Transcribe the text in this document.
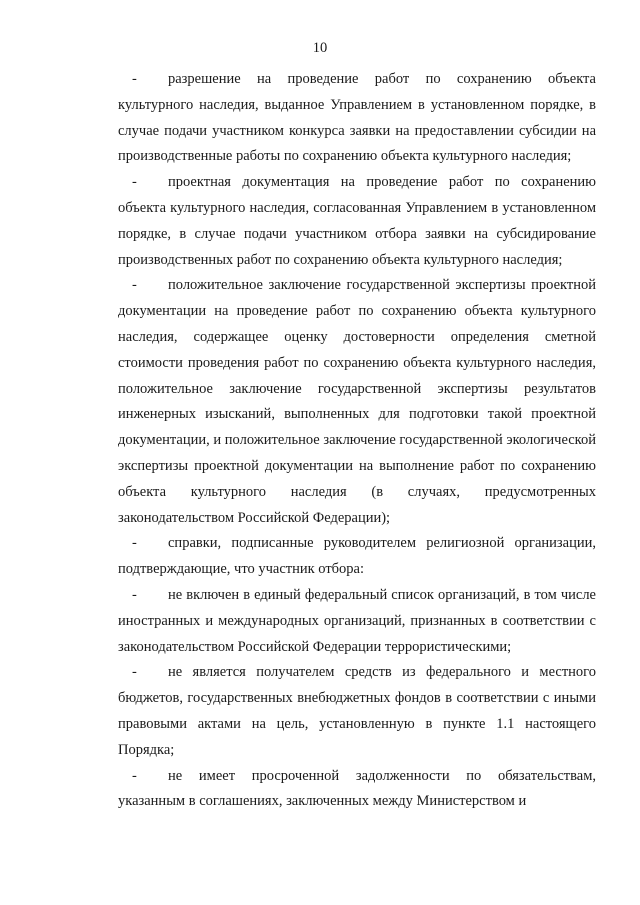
10
-	разрешение на проведение работ по сохранению объекта культурного наследия, выданное Управлением в установленном порядке, в случае подачи участником конкурса заявки на предоставлении субсидии на производственные работы по сохранению объекта культурного наследия;
-	проектная документация на проведение работ по сохранению объекта культурного наследия, согласованная Управлением в установленном порядке, в случае подачи участником отбора заявки на субсидирование производственных работ по сохранению объекта культурного наследия;
-	положительное заключение государственной экспертизы проектной документации на проведение работ по сохранению объекта культурного наследия, содержащее оценку достоверности определения сметной стоимости проведения работ по сохранению объекта культурного наследия, положительное заключение государственной экспертизы результатов инженерных изысканий, выполненных для подготовки такой проектной документации, и положительное заключение государственной экологической экспертизы проектной документации на выполнение работ по сохранению объекта культурного наследия (в случаях, предусмотренных законодательством Российской Федерации);
-	справки, подписанные руководителем религиозной организации, подтверждающие, что участник отбора:
-	не включен в единый федеральный список организаций, в том числе иностранных и международных организаций, признанных в соответствии с законодательством Российской Федерации террористическими;
-	не является получателем средств из федерального и местного бюджетов, государственных внебюджетных фондов в соответствии с иными правовыми актами на цель, установленную в пункте 1.1 настоящего Порядка;
-	не имеет просроченной задолженности по обязательствам, указанным в соглашениях, заключенных между Министерством и
